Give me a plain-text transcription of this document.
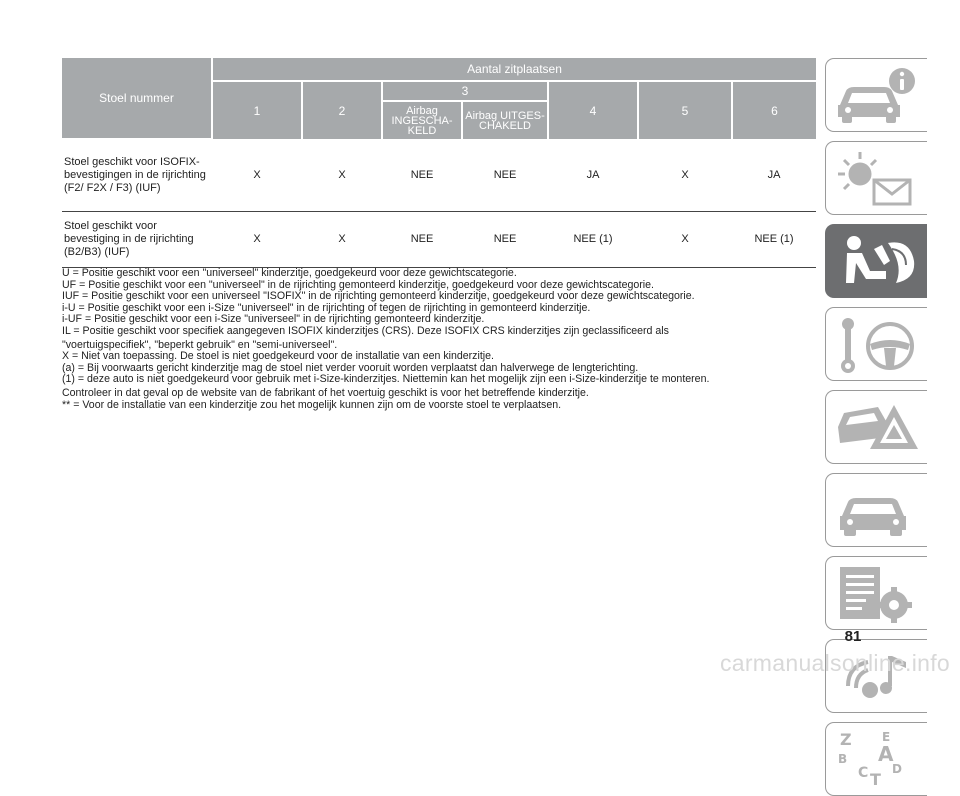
Stoel nummer	Aantal zitplaatsen						
	1	2	3		4	5	6
			Airbag INGESCHA-KELD	Airbag UITGES-CHAKELD			
Stoel geschikt voor ISOFIX-bevestigingen in de rijrichting (F2/ F2X / F3) (IUF)	X	X	NEE	NEE	JA	X	JA
Stoel geschikt voor bevestiging in de rijrichting (B2/B3) (IUF)	X	X	NEE	NEE	NEE (1)	X	NEE (1)

U = Positie geschikt voor een "universeel" kinderzitje, goedgekeurd voor deze gewichtscategorie.

UF = Positie geschikt voor een "universeel" in de rijrichting gemonteerd kinderzitje, goedgekeurd voor deze gewichtscategorie.

IUF = Positie geschikt voor een universeel "ISOFIX" in de rijrichting gemonteerd kinderzitje, goedgekeurd voor deze gewichtscategorie.

i-U = Positie geschikt voor een i-Size "universeel" in de rijrichting of tegen de rijrichting in gemonteerd kinderzitje.

i-UF = Positie geschikt voor een i-Size "universeel" in de rijrichting gemonteerd kinderzitje.

IL = Positie geschikt voor specifiek aangegeven ISOFIX kinderzitjes (CRS). Deze ISOFIX CRS kinderzitjes zijn geclassificeerd als

"voertuigspecifiek", "beperkt gebruik" en "semi-universeel".

X = Niet van toepassing. De stoel is niet goedgekeurd voor de installatie van een kinderzitje.

(a) = Bij voorwaarts gericht kinderzitje mag de stoel niet verder vooruit worden verplaatst dan halverwege de lengterichting.

(1) = deze auto is niet goedgekeurd voor gebruik met i-Size-kinderzitjes. Niettemin kan het mogelijk zijn een i-Size-kinderzitje te monteren.

Controleer in dat geval op de website van de fabrikant of het voertuig geschikt is voor het betreffende kinderzitje.

** = Voor de installatie van een kinderzitje zou het mogelijk kunnen zijn om de voorste stoel te verplaatsen.

Z	E
A
B
C D
T
81
carmanualsonline.info
